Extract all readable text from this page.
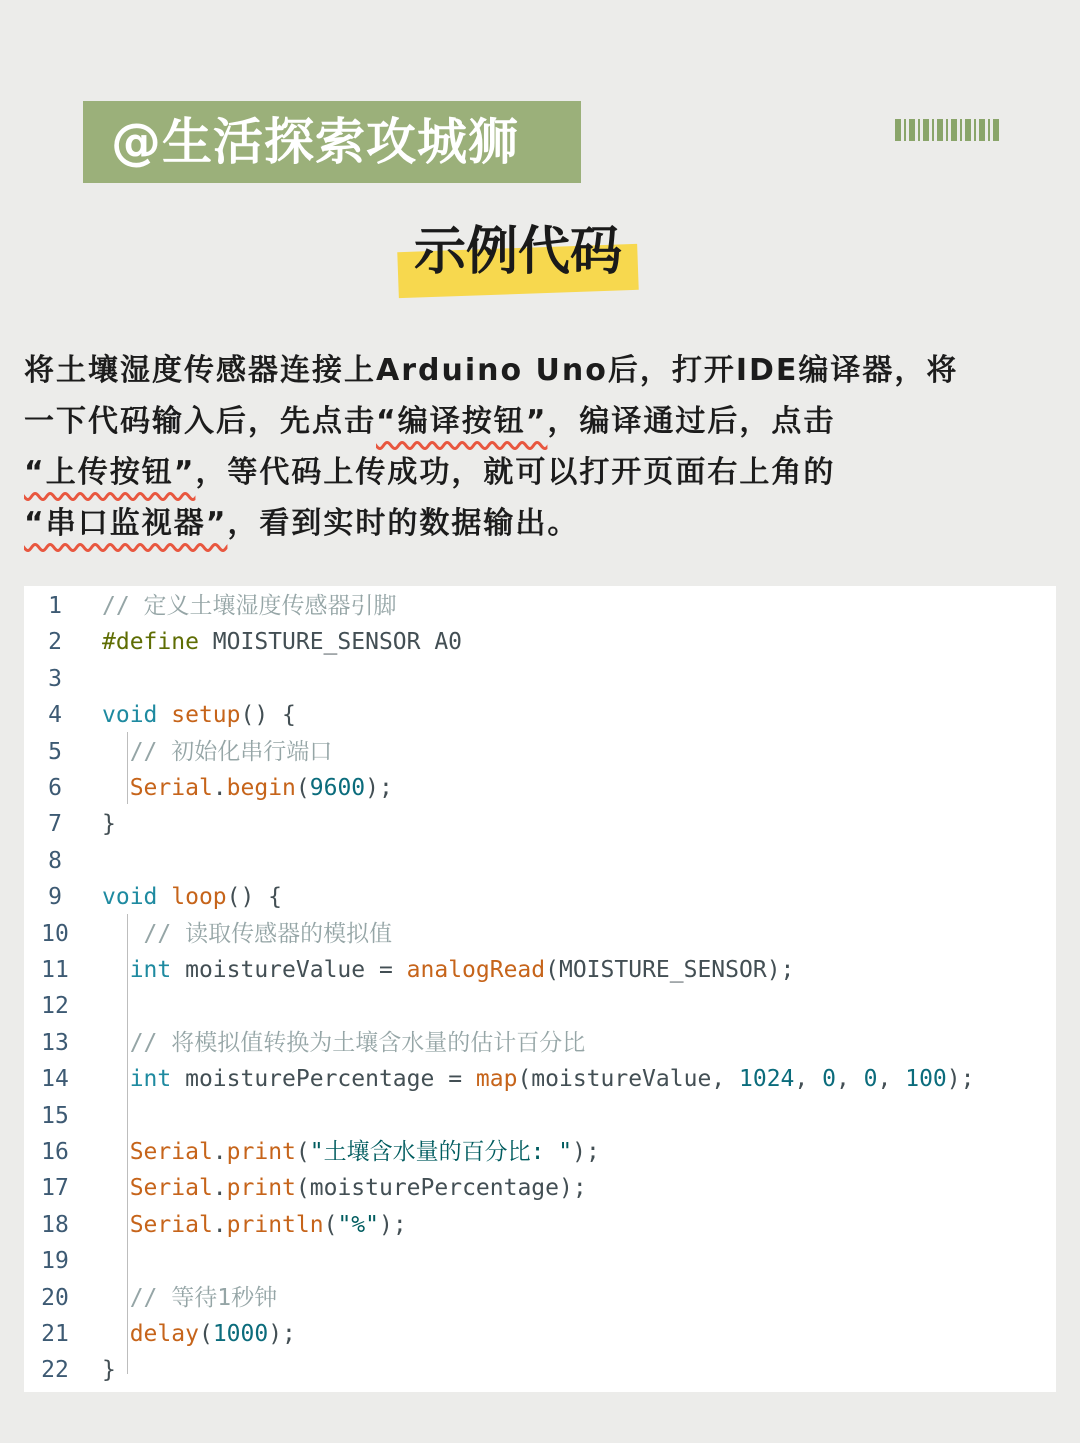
@生活探索攻城狮
示例代码
将土壤湿度传感器连接上Arduino Uno后，打开IDE编译器，将
一下代码输入后，先点击“编译按钮”，编译通过后，点击
“上传按钮”，等代码上传成功，就可以打开页面右上角的
“串口监视器”，看到实时的数据输出。
1	// 定义土壤湿度传感器引脚
2	#define MOISTURE_SENSOR A0
3
4	void setup() {
5	// 初始化串行端口
6	Serial.begin(9600);
7	}
8
9	void loop() {
10	// 读取传感器的模拟值
11	int moistureValue = analogRead(MOISTURE_SENSOR);
12
13	// 将模拟值转换为土壤含水量的估计百分比
14	int moisturePercentage = map(moistureValue, 1024, 0, 0, 100);
15
16	Serial.print("土壤含水量的百分比: ");
17	Serial.print(moisturePercentage);
18	Serial.println("%");
19
20	// 等待1秒钟
21	delay(1000);
22	}
